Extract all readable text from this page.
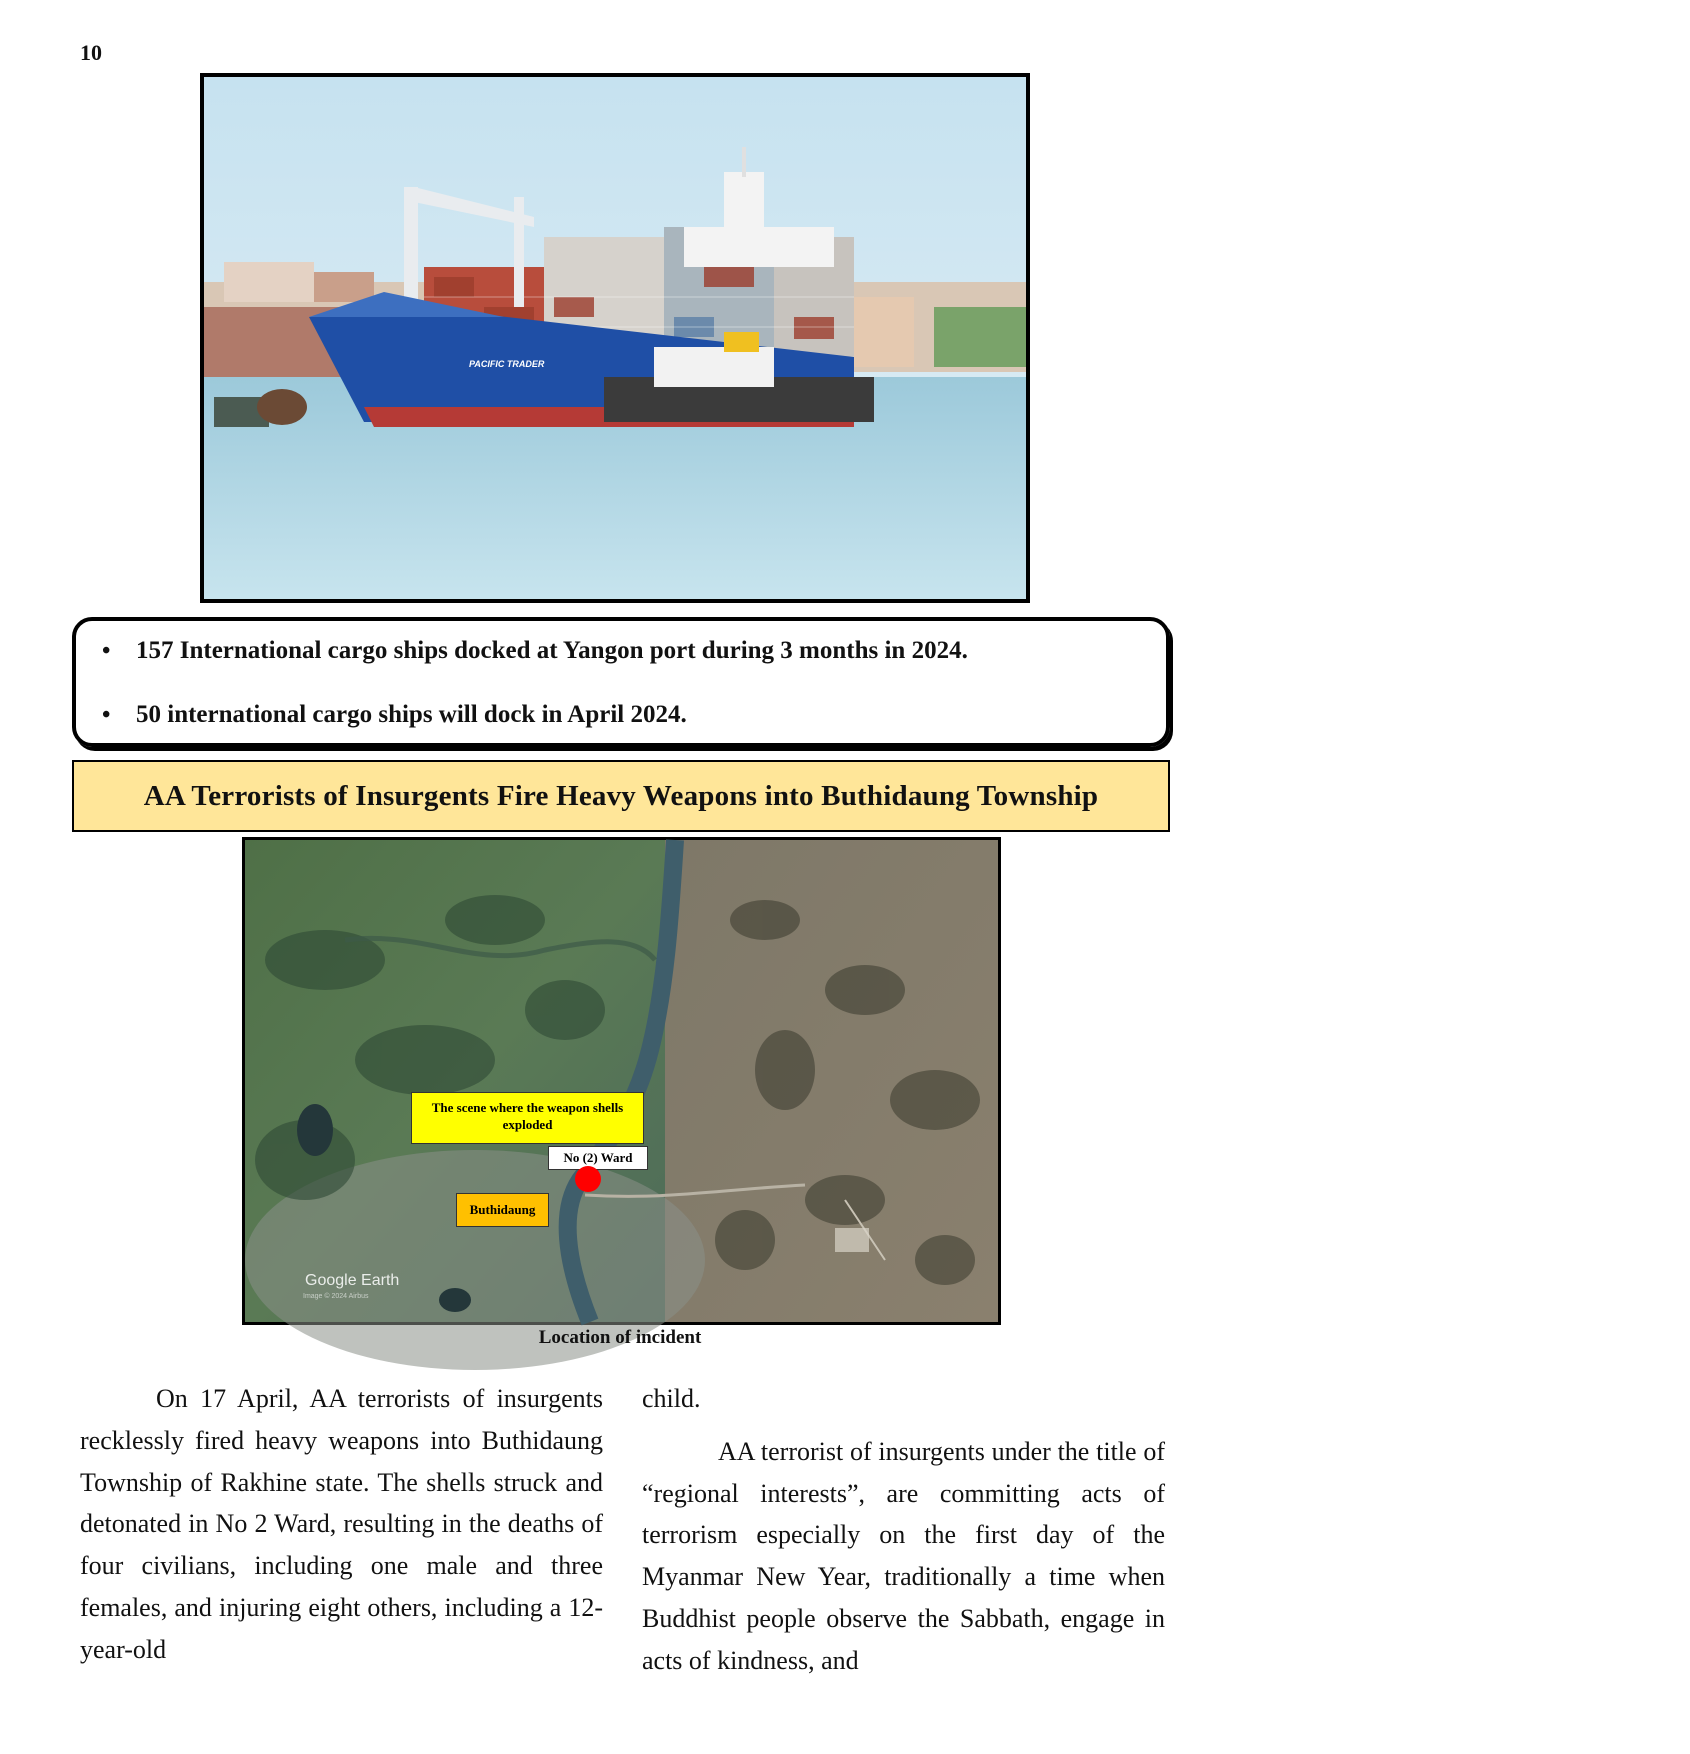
10
PACIFIC TRADER
• 157 International cargo ships docked at Yangon port during 3 months in 2024.
• 50 international cargo ships will dock in April 2024.
AA Terrorists of Insurgents Fire Heavy Weapons into Buthidaung Township
The scene where the weapon shells exploded
No (2) Ward
Buthidaung
Google Earth
Image © 2024 Airbus	N
Location of incident

On 17 April, AA terrorists of insurgents recklessly fired heavy weapons into Buthidaung Township of Rakhine state. The shells struck and detonated in No 2 Ward, resulting in the deaths of four civilians, including one male and three females, and injuring eight others, including a 12-year-old

child.

AA terrorist of insurgents under the title of “regional interests”, are committing acts of terrorism especially on the first day of the Myanmar New Year, traditionally a time when Buddhist people observe the Sabbath, engage in acts of kindness, and
